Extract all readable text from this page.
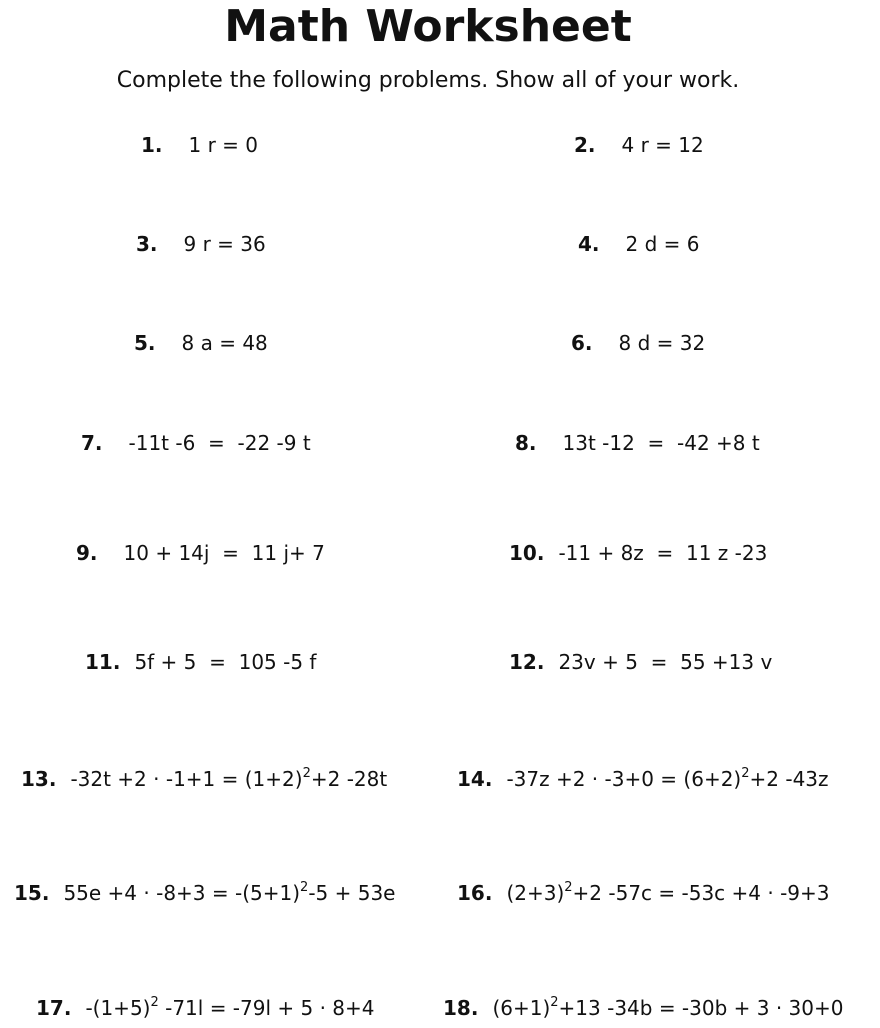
Math Worksheet
Complete the following problems. Show all of your work.
1. 1 r = 0	2. 4 r = 12
3. 9 r = 36	4. 2 d = 6
5. 8 a = 48	6. 8 d = 32
7. -11t -6  =  -22 -9 t	8. 13t -12  =  -42 +8 t
9. 10 + 14j  =  11 j+ 7	10. -11 + 8z  =  11 z -23
11. 5f + 5  =  105 -5 f	12. 23v + 5  =  55 +13 v
13. $-32t +2 \cdot -1+1 = (1+2)^2+2$ -28t	14. $-37z +2 \cdot -3+0 = (6+2)^2+2$ -43z
15. $55e +4 \cdot -8+3 = -(5+1)^2-5 + 53e$	16. $(2+3)^2+2$ -57c = -53c +4 · -9+3
17. $-(1+5)^2$ -71l = -79l + 5 · 8+4	18. $(6+1)^2+13$ -34b = -30b + 3 · 30+0
